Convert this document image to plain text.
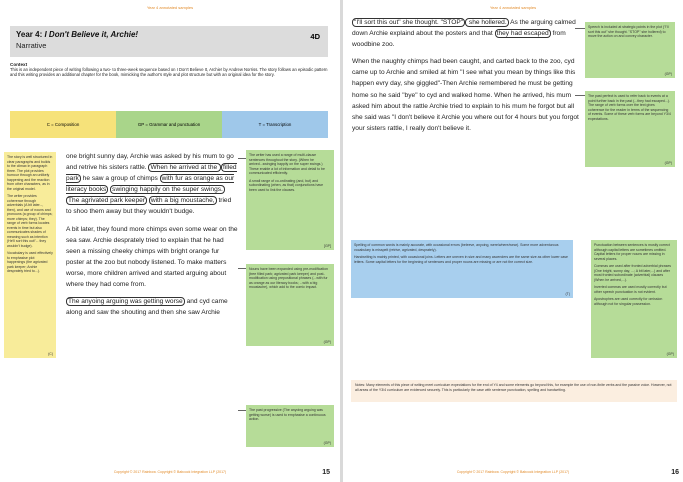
Year 4 annotated samples
Year 4: I Don't Believe it, Archie!
Narrative
4D
Context
This is an independent piece of writing following a two- to three-week sequence based on I Don't Believe It, Archie! by Andrew Norriss. The story follows an episodic pattern and this writing provides an additional chapter for the book, mimicking the author's style and plot structure but with an original idea for the story.
C = Composition	GP = Grammar and punctuation	T = Transcription

The story is well structured in clear paragraphs and builds to the climax in paragraph three. The plot provides humour through an unlikely happening and the reaction from other characters, as in the original model.

The writer provides coherence through adverbials (A bit later..., then), and use of nouns and pronouns (a group of chimps; more chimps; they). The range of verb forms locates events in time but also communicates shades of meaning such as intention (He'll sort this out!'... they wouldn't budge).

Vocabulary is used effectively to emphasise plot happenings (the agrivated park keeper; Archie desprately tried to...).

(C)

one bright sunny day, Archie was asked by his mum to go and retrive his sisters rattle. When he arrived at the filled park he saw a group of chimps with fur as orange as our literacy books swinging happily on the super swings. The agrivated park keeper with a big moustache, tried to shoo them away but they wouldn't budge.

A bit later, they found more chimps even some wear on the sea saw. Archie desprately tried to explain that he had seen a missing cheeky chimps with bright orange fur poster at the zoo but nobody listened. To make matters worse, more children arrived and started arguing about where they had come from.

The anyoing arguing was getting worse and cyd came along and saw the shouting and then she saw Archie

The writer has used a range of multi-clause sentences throughout the story. (When he arrived...swinging happily on the super swings.) These enable a lot of information and detail to be communicated efficiently.

A small range of co-ordinating (and, but) and subordinating (when, as that) conjunctions have been used to link the clauses.

[GP]

Nouns have been expanded using pre-modification (tree filled park; agrivated park keeper) and post-modification using prepositional phrases (...with fur as orange as our literacy books; ...with a big moustache), which add to the comic impact.

(GP)

The past progressive (The anyoing arguing was getting worse) is used to emphasise a continuous action.

(GP)
Copyright © 2017 Rainbow. Copyright © Babcock Integration LLP (2017)	15
Year 4 annotated samples

"I'll sort this out" she thought. "STOP" she hollered. As the arguing calmed down Archie explaind about the posters and that they had escaped from woodbine zoo.

When the naughty chimps had been caught, and carted back to the zoo, cyd came up to Archie and smiled at him "I see what you mean by things like this happen evry day, she giggled"-Then Archie remembered he must be getting home so he said "bye" to cyd and walked home. When he arrived, his mum asked him about the rattle Archie tried to explain to his mum he forgot but all she said was "I don't believe it Archie you where out for 4 hours but you forgot your sisters rattle, I really don't believe it.

Speech is included at strategic points in the plot ("I'll sort this out" she thought. "STOP" she hollered) to move the action on and convey character.

(GP)

The past perfect is used to refer back to events at a point further back in the past (...they had escaped...). The range of verb forms over the text gives coherence for the reader in terms of the sequencing of events. Some of these verb forms are beyond Y3/4 expectations.

(GP)

Spelling of common words is mainly accurate, with occasional errors (beleeve, anyoing, were/where/wear). Some more adventurous vocabulary is misspelt (retrive, agrivated, desprately).

Handwriting is mainly printed, with occasional joins. Letters are uneven in size and many ascenders are the same size as other lower case letters. Some capital letters for the beginning of sentences and proper nouns are missing or are not the correct size.

(T)

Punctuation between sentences is mostly correct although capital letters are sometimes omitted. Capital letters for proper nouns are missing in several places.

Commas are used after fronted adverbial phrases (One bright, sunny day, ...; A bit later,...) and after most fronted subordinate (adverbial) clauses (When he arrived,...).

Inverted commas are used mostly correctly but other speech punctuation is not evident.

Apostrophes are used correctly for omission although not for singular possession.

(GP)
Notes: Many elements of this piece of writing meet curriculum expectations for the end of Y4 and some elements go beyond this, for example the use of non-finite verbs and the passive voice. However, not all areas of the Y3/4 curriculum are evidenced securely. This is particularly the case with sentence punctuation, spelling and handwriting.
Copyright © 2017 Rainbow. Copyright © Babcock Integration LLP (2017)	16
